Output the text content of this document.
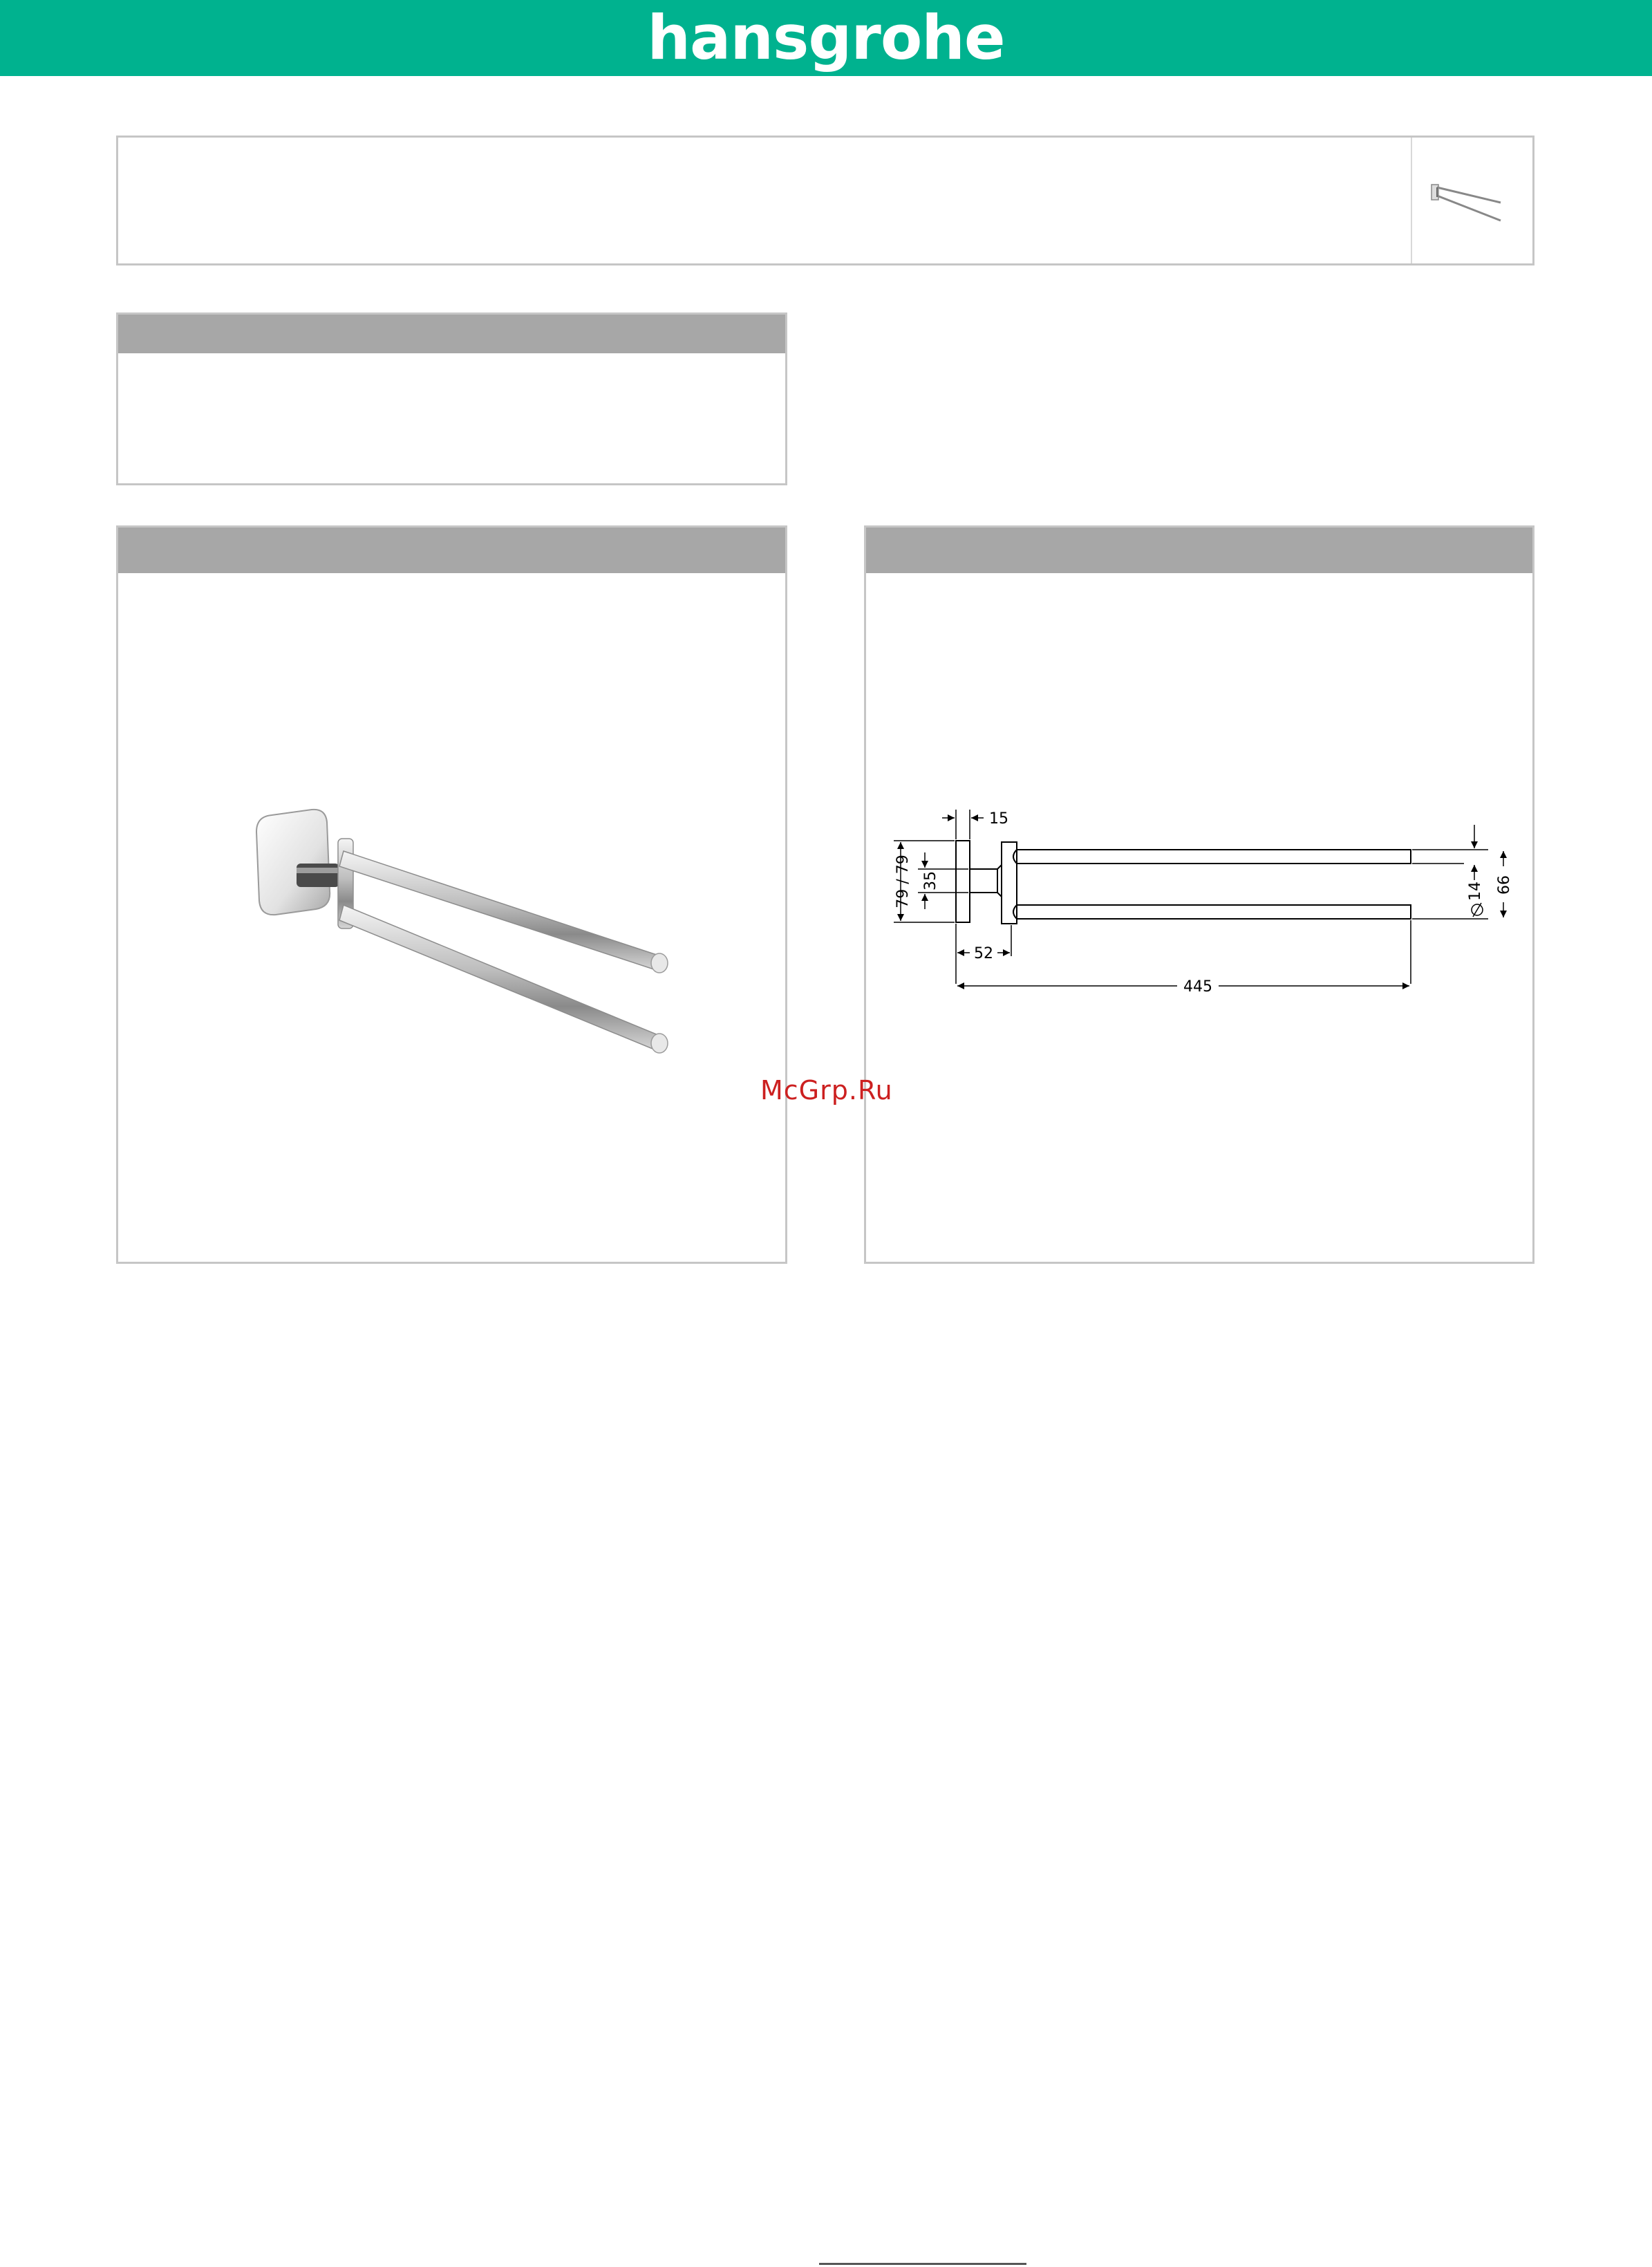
hansgrohe
15
35
79 / 79
52
445
14 66
McGrp.Ru
